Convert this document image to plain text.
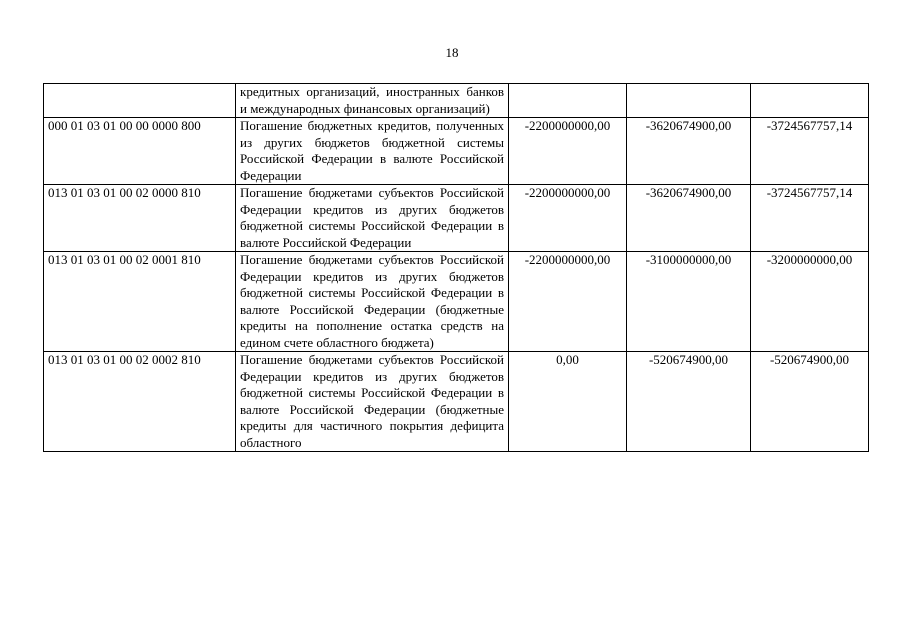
18
	кредитных организаций, иностранных банков и международных финансовых организаций)			
000 01 03 01 00 00 0000 800	Погашение бюджетных кредитов, полученных из других бюджетов бюджетной системы Российской Федерации в валюте Российской Федерации	-2200000000,00	-3620674900,00	-3724567757,14
013 01 03 01 00 02 0000 810	Погашение бюджетами субъектов Российской Федерации кредитов из других бюджетов бюджетной системы Российской Федерации в валюте Российской Федерации	-2200000000,00	-3620674900,00	-3724567757,14
013 01 03 01 00 02 0001 810	Погашение бюджетами субъектов Российской Федерации кредитов из других бюджетов бюджетной системы Российской Федерации в валюте Российской Федерации (бюджетные кредиты на пополнение остатка средств на едином счете областного бюджета)	-2200000000,00	-3100000000,00	-3200000000,00
013 01 03 01 00 02 0002 810	Погашение бюджетами субъектов Российской Федерации кредитов из других бюджетов бюджетной системы Российской Федерации в валюте Российской Федерации (бюджетные кредиты для частичного покрытия дефицита областного	0,00	-520674900,00	-520674900,00
